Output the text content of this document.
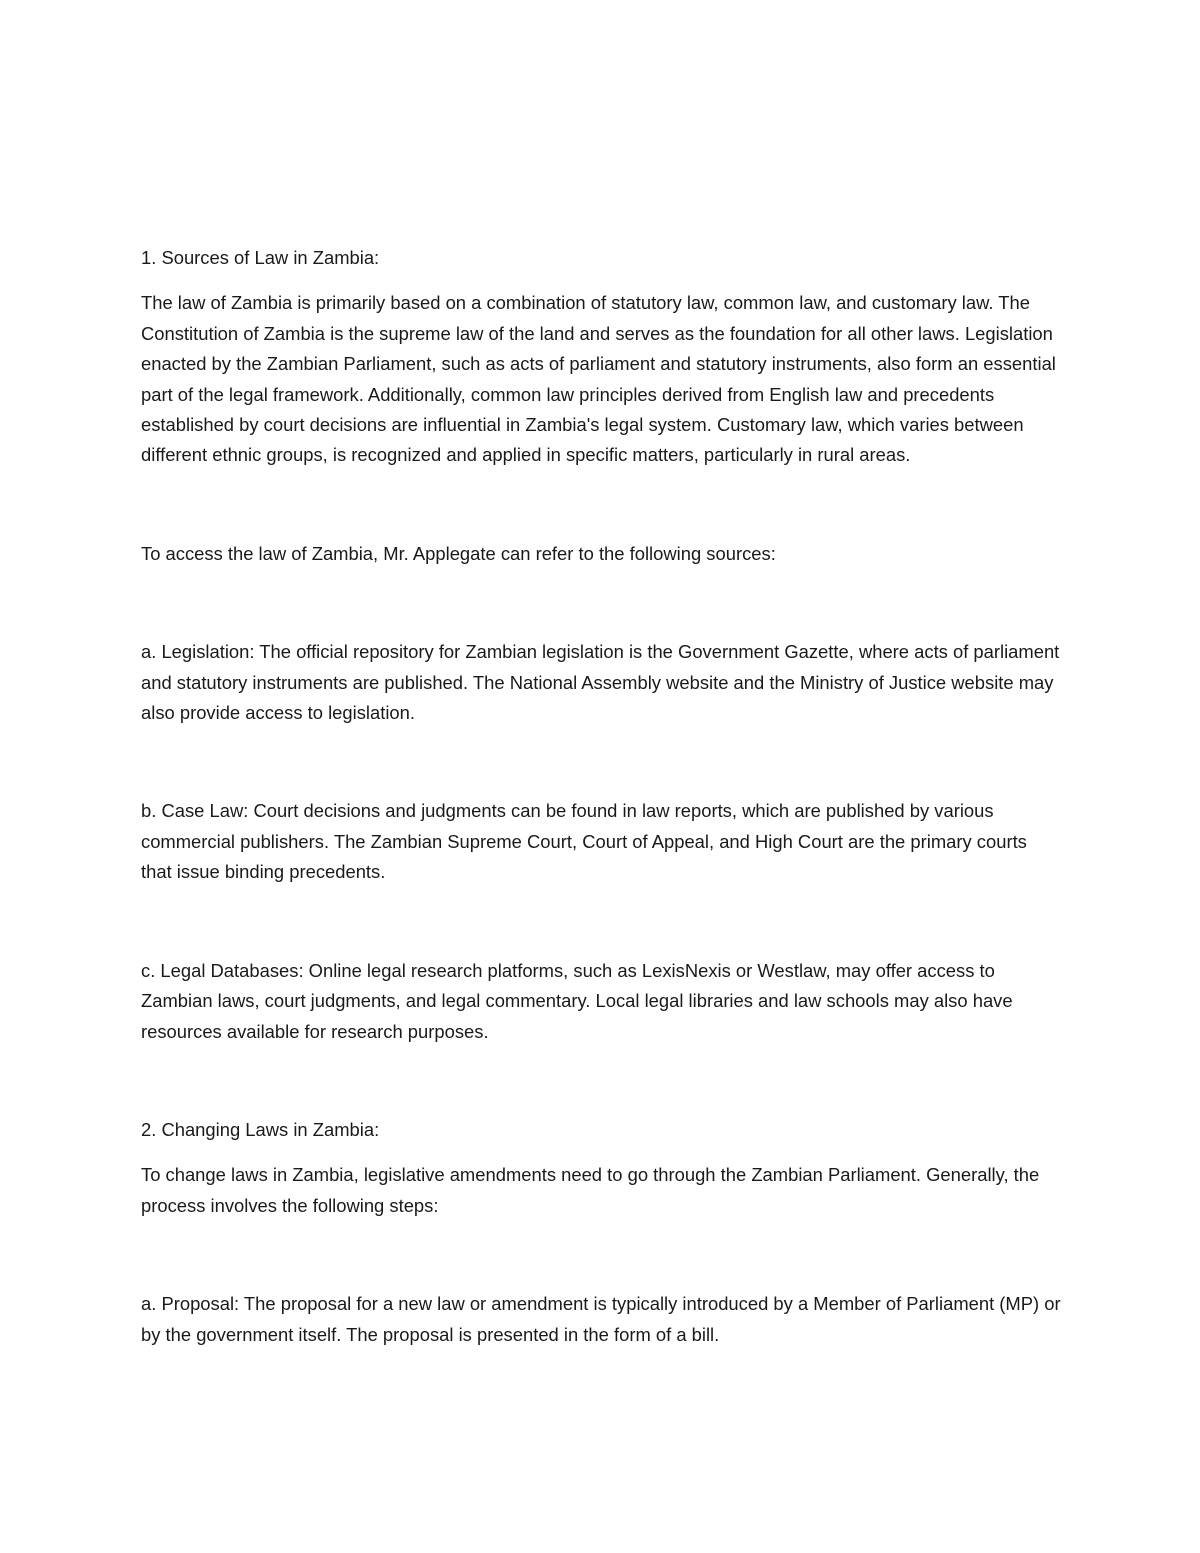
1. Sources of Law in Zambia:

The law of Zambia is primarily based on a combination of statutory law, common law, and customary law. The Constitution of Zambia is the supreme law of the land and serves as the foundation for all other laws. Legislation enacted by the Zambian Parliament, such as acts of parliament and statutory instruments, also form an essential part of the legal framework. Additionally, common law principles derived from English law and precedents established by court decisions are influential in Zambia's legal system. Customary law, which varies between different ethnic groups, is recognized and applied in specific matters, particularly in rural areas.

To access the law of Zambia, Mr. Applegate can refer to the following sources:

a. Legislation: The official repository for Zambian legislation is the Government Gazette, where acts of parliament and statutory instruments are published. The National Assembly website and the Ministry of Justice website may also provide access to legislation.

b. Case Law: Court decisions and judgments can be found in law reports, which are published by various commercial publishers. The Zambian Supreme Court, Court of Appeal, and High Court are the primary courts that issue binding precedents.

c. Legal Databases: Online legal research platforms, such as LexisNexis or Westlaw, may offer access to Zambian laws, court judgments, and legal commentary. Local legal libraries and law schools may also have resources available for research purposes.

2. Changing Laws in Zambia:

To change laws in Zambia, legislative amendments need to go through the Zambian Parliament. Generally, the process involves the following steps:

a. Proposal: The proposal for a new law or amendment is typically introduced by a Member of Parliament (MP) or by the government itself. The proposal is presented in the form of a bill.
